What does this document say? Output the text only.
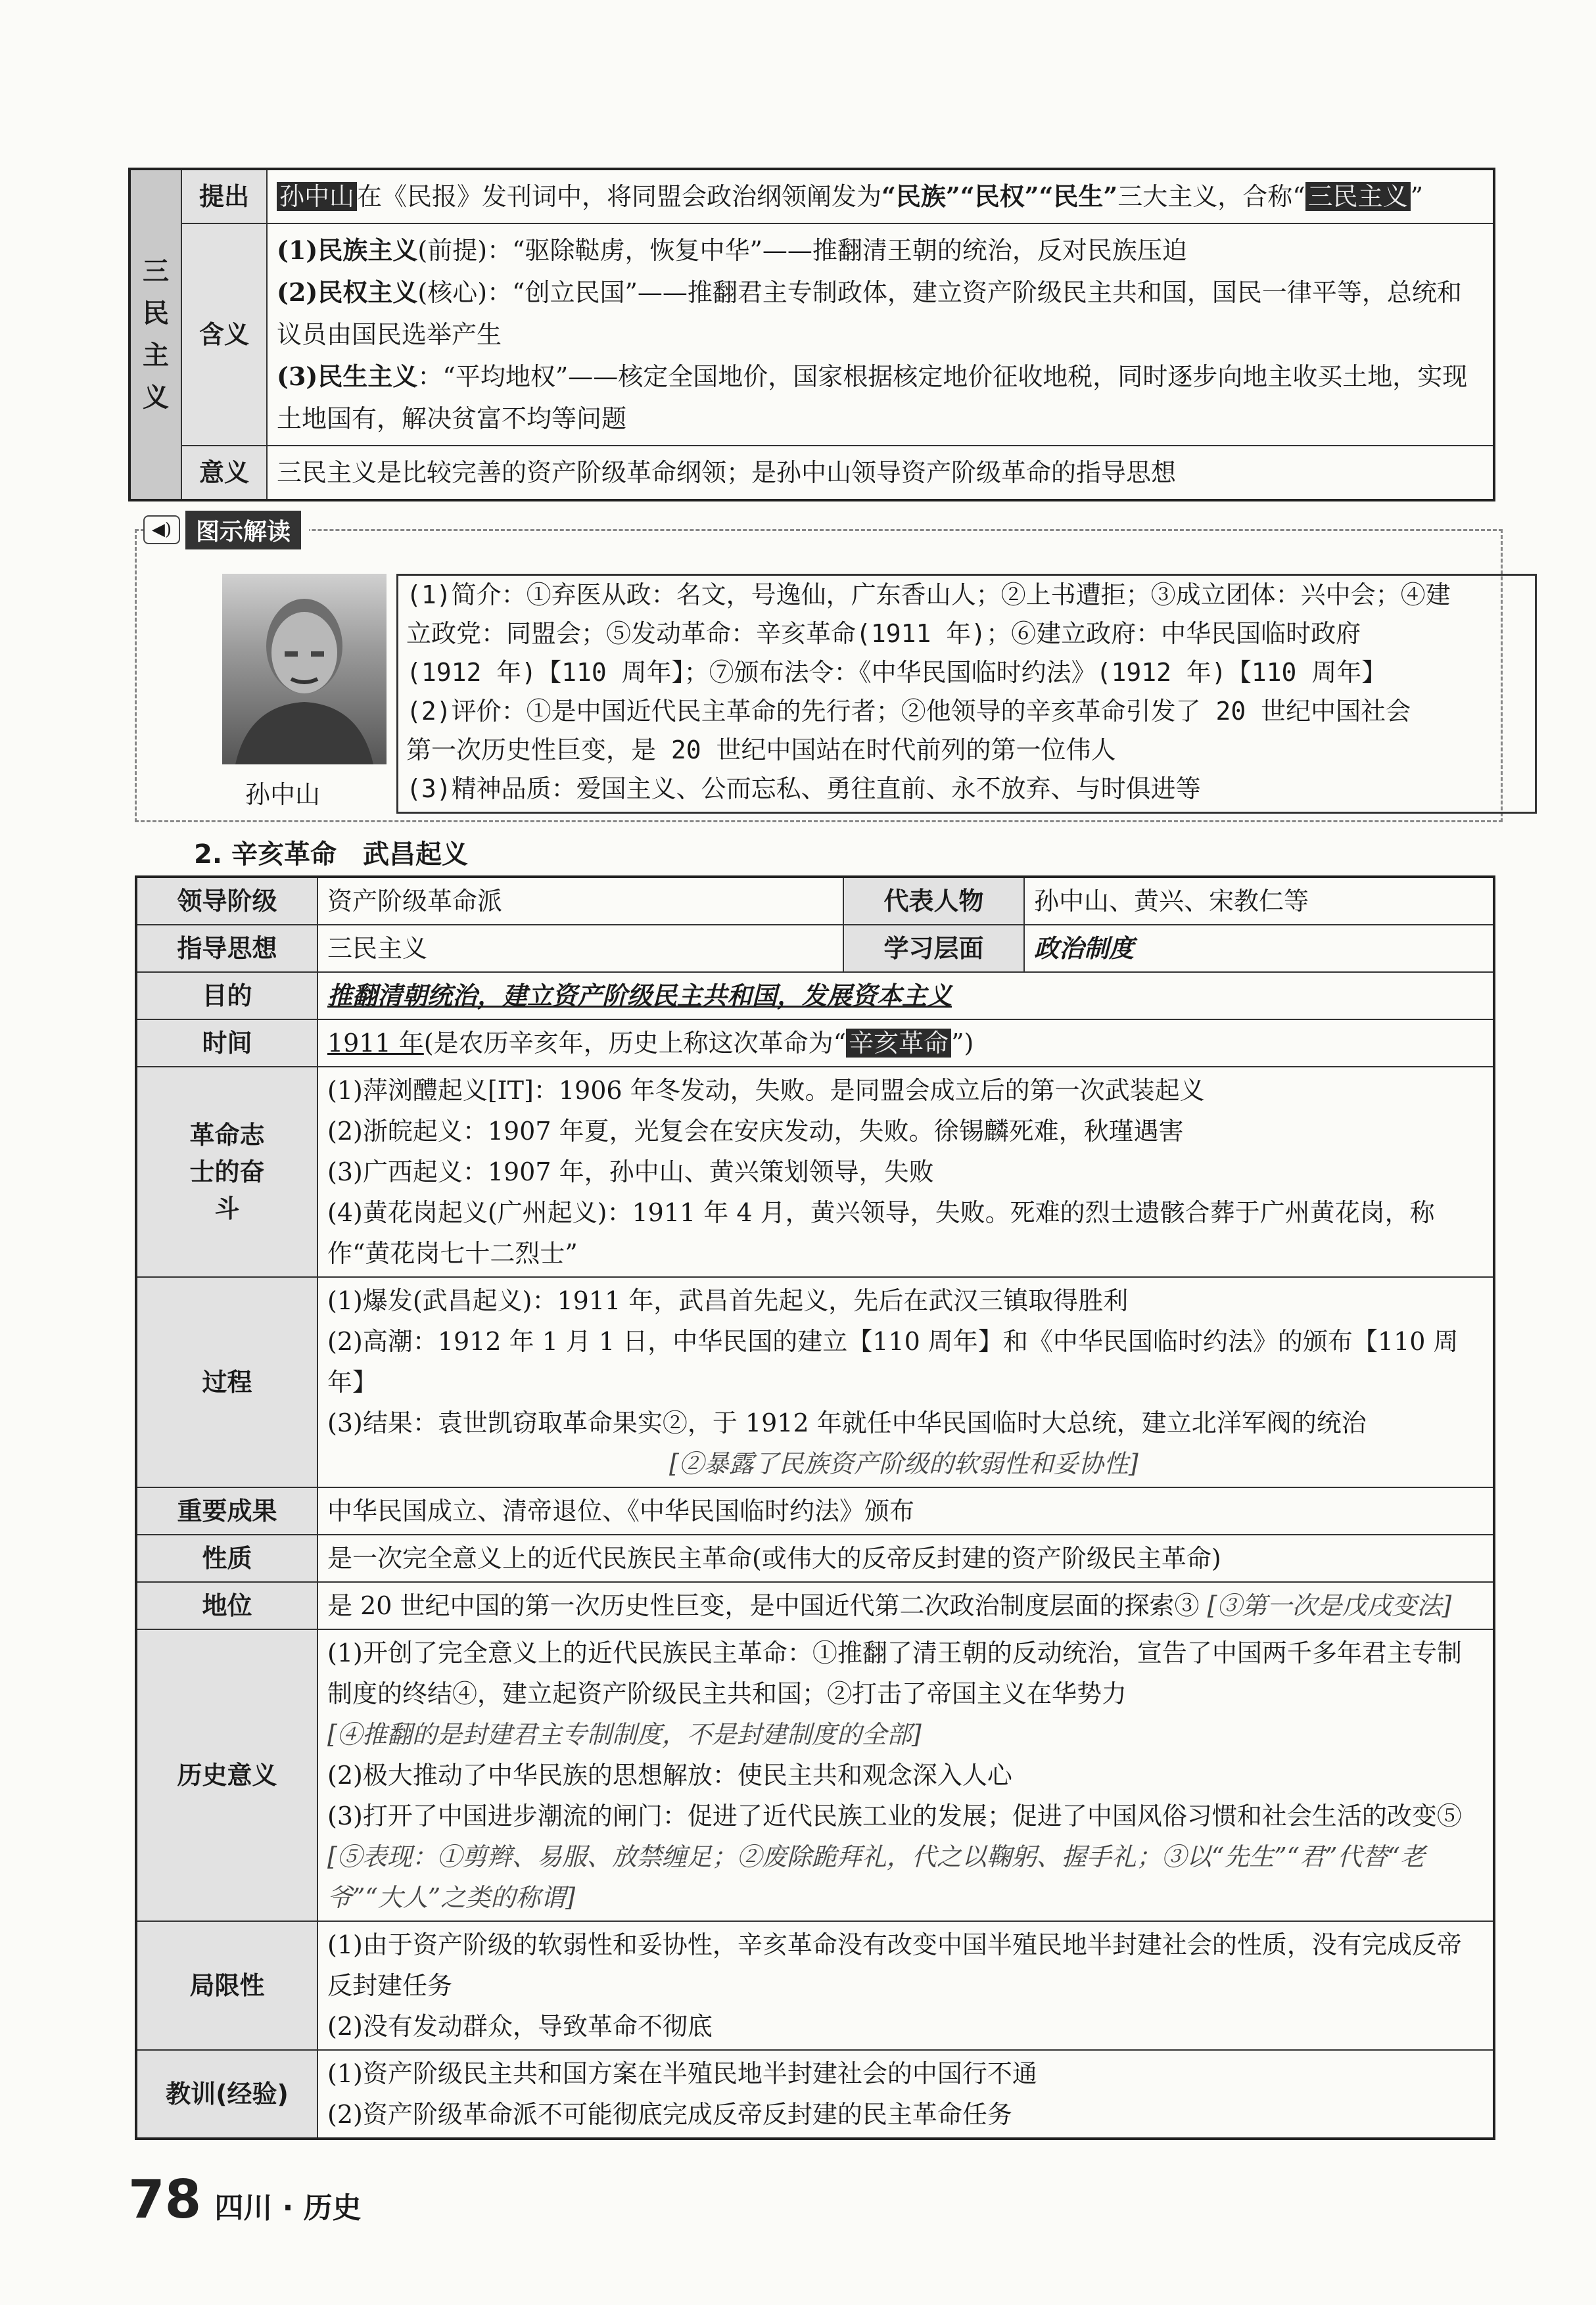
三民主义	提出	孙中山 在《民报》发刊词中，将同盟会政治纲领阐发为“民族”“民权”“民生”三大主义，合称“ 三民主义 ”
	含义	(1)民族主义(前提)：“驱除鞑虏，恢复中华”——推翻清王朝的统治，反对民族压迫
(2)民权主义(核心)：“创立民国”——推翻君主专制政体，建立资产阶级民主共和国，国民一律平等，总统和议员由国民选举产生
(3)民生主义：“平均地权”——核定全国地价，国家根据核定地价征收地税，同时逐步向地主收买土地，实现土地国有，解决贫富不均等问题

	意义	三民主义是比较完善的资产阶级革命纲领；是孙中山领导资产阶级革命的指导思想
◀)	图示解读
孙中山
(1)简介：①弃医从政：名文，号逸仙，广东香山人；②上书遭拒；③成立团体：兴中会；④建
立政党：同盟会；⑤发动革命：辛亥革命(1911 年)；⑥建立政府：中华民国临时政府
(1912 年)【110 周年】；⑦颁布法令：《中华民国临时约法》(1912 年)【110 周年】
(2)评价：①是中国近代民主革命的先行者；②他领导的辛亥革命引发了 20 世纪中国社会
第一次历史性巨变，是 20 世纪中国站在时代前列的第一位伟人
(3)精神品质：爱国主义、公而忘私、勇往直前、永不放弃、与时俱进等
2. 辛亥革命　武昌起义
领导阶级	资产阶级革命派	代表人物	孙中山、黄兴、宋教仁等
指导思想	三民主义	学习层面	政治制度
目的	推翻清朝统治，建立资产阶级民主共和国，发展资本主义		
时间	1911 年(是农历辛亥年，历史上称这次革命为“ 辛亥革命 ”)		

革命志士的奋斗	(1)萍浏醴起义[IT]：1906 年冬发动，失败。是同盟会成立后的第一次武装起义
(2)浙皖起义：1907 年夏，光复会在安庆发动，失败。徐锡麟死难，秋瑾遇害
(3)广西起义：1907 年，孙中山、黄兴策划领导，失败
(4)黄花岗起义(广州起义)：1911 年 4 月，黄兴领导，失败。死难的烈士遗骸合葬于广州黄花岗，称作“黄花岗七十二烈士”		

过程	(1)爆发(武昌起义)：1911 年，武昌首先起义，先后在武汉三镇取得胜利
(2)高潮：1912 年 1 月 1 日，中华民国的建立【110 周年】和《中华民国临时约法》的颁布【110 周年】
(3)结果：袁世凯窃取革命果实②，于 1912 年就任中华民国临时大总统，建立北洋军阀的统治
[②暴露了民族资产阶级的软弱性和妥协性]		

重要成果	中华民国成立、清帝退位、《中华民国临时约法》颁布		
性质	是一次完全意义上的近代民族民主革命(或伟大的反帝反封建的资产阶级民主革命)		
地位	是 20 世纪中国的第一次历史性巨变，是中国近代第二次政治制度层面的探索③ [③第一次是戊戌变法]		
历史意义	(1)开创了完全意义上的近代民族民主革命：①推翻了清王朝的反动统治，宣告了中国两千多年君主专制制度的终结④，建立起资产阶级民主共和国；②打击了帝国主义在华势力
[④推翻的是封建君主专制制度，不是封建制度的全部]
(2)极大推动了中华民族的思想解放：使民主共和观念深入人心
(3)打开了中国进步潮流的闸门：促进了近代民族工业的发展；促进了中国风俗习惯和社会生活的改变⑤
[⑤表现：①剪辫、易服、放禁缠足；②废除跪拜礼，代之以鞠躬、握手礼；③以“先生”“君”代替“老爷”“大人”之类的称谓]		

局限性	(1)由于资产阶级的软弱性和妥协性，辛亥革命没有改变中国半殖民地半封建社会的性质，没有完成反帝反封建任务
(2)没有发动群众，导致革命不彻底		

教训(经验)	(1)资产阶级民主共和国方案在半殖民地半封建社会的中国行不通
(2)资产阶级革命派不可能彻底完成反帝反封建的民主革命任务		
78 四川 · 历史
